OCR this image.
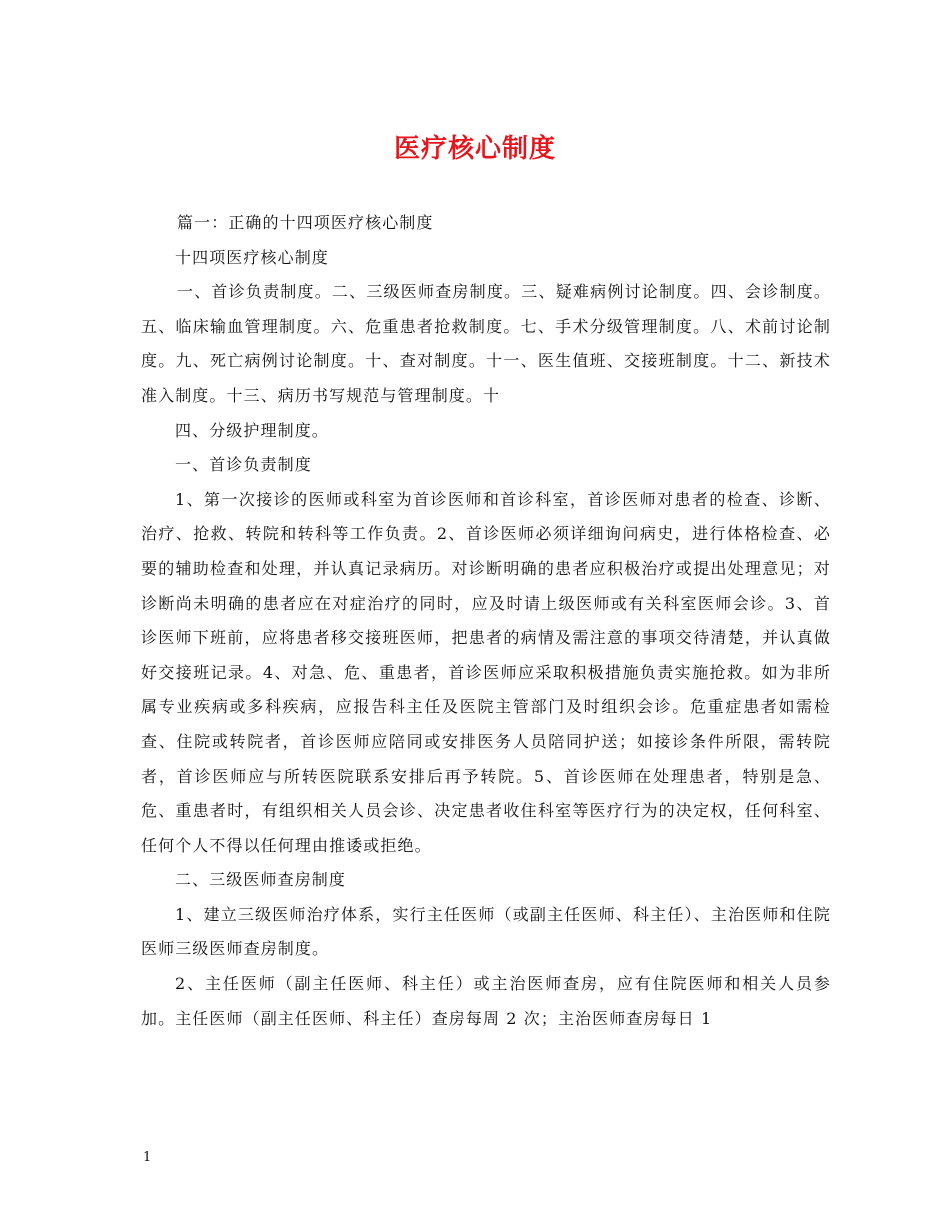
医疗核心制度

篇一：正确的十四项医疗核心制度

十四项医疗核心制度

一、首诊负责制度。二、三级医师查房制度。三、疑难病例讨论制度。四、会诊制度。五、临床输血管理制度。六、危重患者抢救制度。七、手术分级管理制度。八、术前讨论制度。九、死亡病例讨论制度。十、查对制度。十一、医生值班、交接班制度。十二、新技术准入制度。十三、病历书写规范与管理制度。十

四、分级护理制度。

一、首诊负责制度

1、第一次接诊的医师或科室为首诊医师和首诊科室，首诊医师对患者的检查、诊断、治疗、抢救、转院和转科等工作负责。2、首诊医师必须详细询问病史，进行体格检查、必要的辅助检查和处理，并认真记录病历。对诊断明确的患者应积极治疗或提出处理意见；对诊断尚未明确的患者应在对症治疗的同时，应及时请上级医师或有关科室医师会诊。3、首诊医师下班前，应将患者移交接班医师，把患者的病情及需注意的事项交待清楚，并认真做好交接班记录。4、对急、危、重患者，首诊医师应采取积极措施负责实施抢救。如为非所属专业疾病或多科疾病，应报告科主任及医院主管部门及时组织会诊。危重症患者如需检查、住院或转院者，首诊医师应陪同或安排医务人员陪同护送；如接诊条件所限，需转院者，首诊医师应与所转医院联系安排后再予转院。5、首诊医师在处理患者，特别是急、危、重患者时，有组织相关人员会诊、决定患者收住科室等医疗行为的决定权，任何科室、任何个人不得以任何理由推诿或拒绝。

二、三级医师查房制度

1、建立三级医师治疗体系，实行主任医师（或副主任医师、科主任）、主治医师和住院医师三级医师查房制度。

2、主任医师（副主任医师、科主任）或主治医师查房，应有住院医师和相关人员参加。主任医师（副主任医师、科主任）查房每周 2 次；主治医师查房每日 1

1
